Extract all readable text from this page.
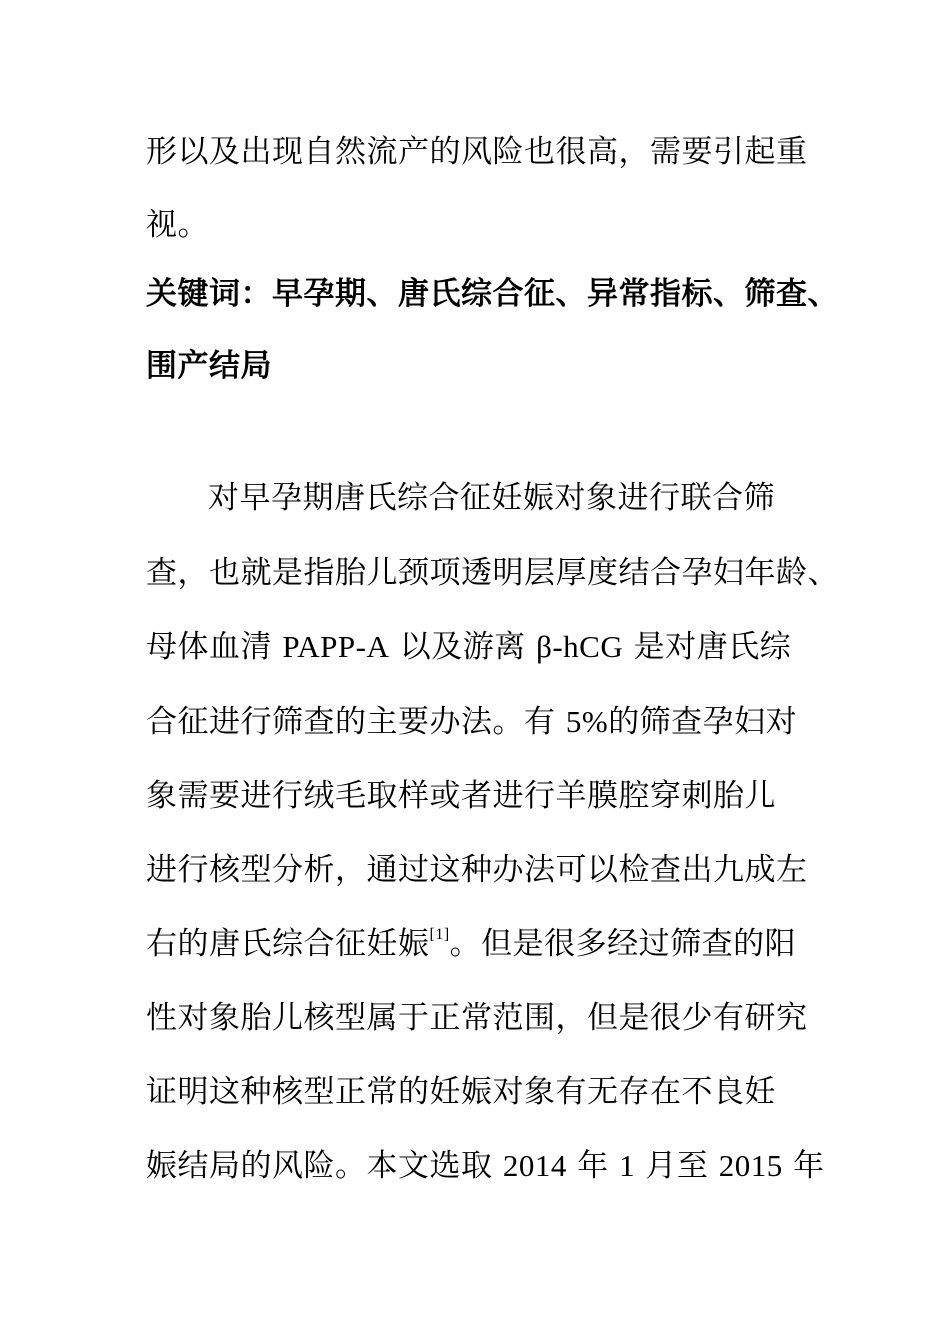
形以及出现自然流产的风险也很高，需要引起重
视。
关键词：早孕期、唐氏综合征、异常指标、筛查、
围产结局
对早孕期唐氏综合征妊娠对象进行联合筛
查，也就是指胎儿颈项透明层厚度结合孕妇年龄、
母体血清 PAPP-A 以及游离 β-hCG 是对唐氏综
合征进行筛查的主要办法。有 5%的筛查孕妇对
象需要进行绒毛取样或者进行羊膜腔穿刺胎儿
进行核型分析，通过这种办法可以检查出九成左
右的唐氏综合征妊娠[1]。但是很多经过筛查的阳
性对象胎儿核型属于正常范围，但是很少有研究
证明这种核型正常的妊娠对象有无存在不良妊
娠结局的风险。本文选取 2014 年 1 月至 2015 年
